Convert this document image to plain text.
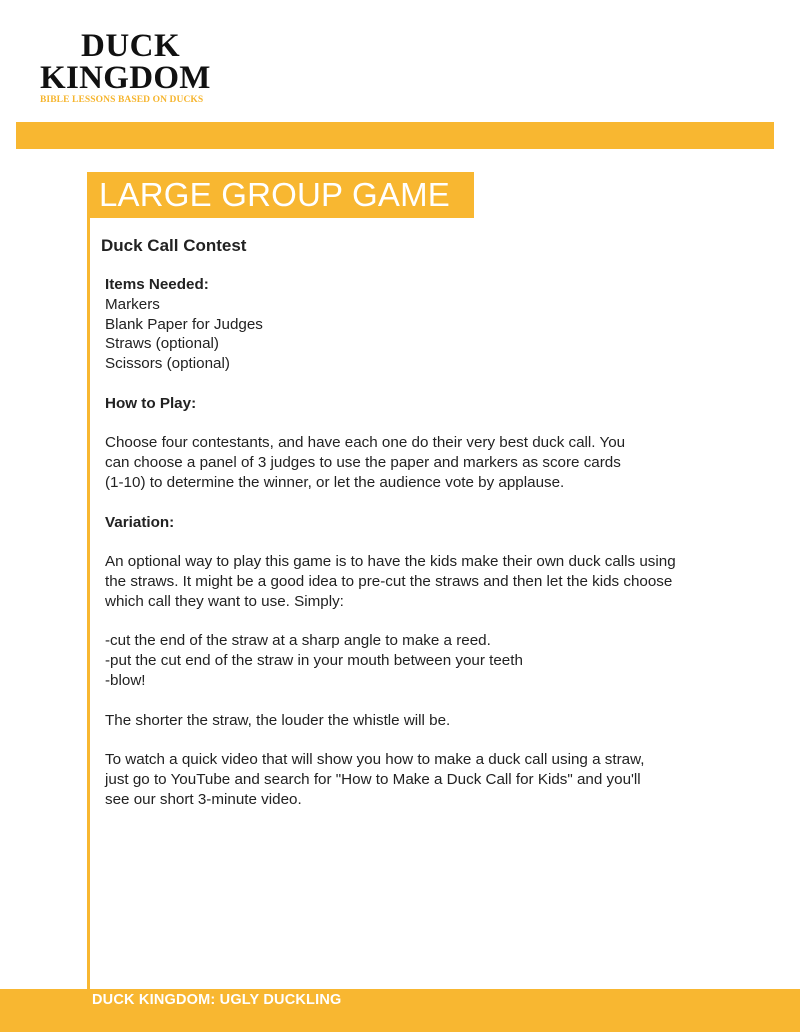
DUCK
KINGDOM
BIBLE LESSONS BASED ON DUCKS
LARGE GROUP GAME
Duck Call Contest
Items Needed:
Markers
Blank Paper for Judges
Straws (optional)
Scissors (optional)
How to Play:
Choose four contestants, and have each one do their very best duck call. You
can choose a panel of 3 judges to use the paper and markers as score cards
(1-10) to determine the winner, or let the audience vote by applause.
Variation:
An optional way to play this game is to have the kids make their own duck calls using
the straws. It might be a good idea to pre-cut the straws and then let the kids choose
which call they want to use. Simply:
-cut the end of the straw at a sharp angle to make a reed.
-put the cut end of the straw in your mouth between your teeth
-blow!
The shorter the straw, the louder the whistle will be.
To watch a quick video that will show you how to make a duck call using a straw,
just go to YouTube and search for "How to Make a Duck Call for Kids" and you'll
see our short 3-minute video.
DUCK KINGDOM: UGLY DUCKLING
